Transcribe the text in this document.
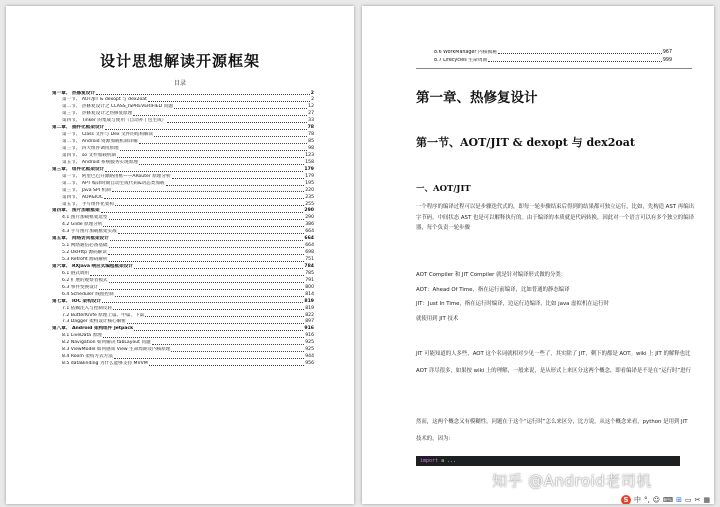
设计思想解读开源框架
目录
第一章、 热修复设计	2
第一节、 AOT/JIT & dexopt 与 dex2oat	2
第二节、 热修复设计之 CLASS_ISPREVERIFIED 问题	12
第三节、 热修复设计之热修复原理	27
第四节、 Tinker 的集成与使用（自动补丁包生成）	33
第二章、 插件化框架设计	78
第一节、 Class 文件与 Dex 文件的结构解读	78
第二节、 Android 资源加载机制详解	85
第三节、 四大组件调用原理	98
第四节、 so 文件加载机制	123
第五节、 Android 系统服务实现原理	158
第三章、 组件化框架设计	179
第一节、 阿里巴巴开源路由框——ARouter 原理分析	179
第二节、 APT 编译时期自动生成代码&动态类加载	195
第三节、 Java SPI 机制	220
第四节、 AOP&IOC	235
第五节、 手写组件化架构	255
第四章、 图片加载框架	290
4.1 图片加载框架选型	290
4.2 Glide 原理分析	386
4.3 手写图片加载框架实战	664
第五章、 网络访问框架设计	664
5.1 网络通信必备基础	664
5.2 OkHttp 源码解读	698
5.3 Retrofit 源码解析	751
第六章、 RXJava 响应式编程框架设计	784
6.1 链式调用	785
6.2 扩展的观察者模式	791
6.3 事件变换设计	800
6.4 Scheduler 线程控制	814
第七章、 IOC 架构设计	819
7.1 依赖注入与控制反转	819
7.2 ButterKnife 原理上篇、中篇、下篇	822
7.3 Dagger 架构设计核心解密	897
第八章、 Android 架构组件 Jetpack	916
8.1 LiveData 原理	916
8.2 Navigation 如何解决 tabLayout 问题	925
8.3 ViewModel 如何感知 View 生命周期及内核原理	925
8.4 Room 架构方式方法	944
8.5 dataBinding 为什么能够支持 MVVM	956
8.6 WorkManager 内核揭秘	967
8.7 Lifecycles 生命周期	999
第一章、热修复设计
第一节、AOT/JIT & dexopt 与 dex2oat
一、AOT/JIT
一个程序的编译过程可以是步骤迭代式的，即每一轮步骤结束后得到的结果都可独立运行，比如，先构造 AST 再编出字节码，中间状态 AST 也是可以解释执行的。由于编译的本质就是代码转换，因此对一个语言可以有多个独立的编译器，每个负责一轮步骤

AOT Compiler 和 JIT Compiler 就是针对编译形式做的分类：

AOT：Ahead Of Time，指在运行前编译，比如普通的静态编译

JIT：Just In Time，指在运行时编译，边运行边编译，比如 java 虚拟机在运行时

就使用到 JIT 技术

JIT 可能知道的人多些，AOT 这个名词就相对少见一些了，其实除了 JIT，剩下的都是 AOT。wiki 上 JIT 的解释也比 AOT 详尽很多，如果按 wiki 上的理解，一般来说，是从形式上来区分这两个概念，即看编译是不是在“运行时”进行
然而，这两个概念又有模糊性，问题在于这个“运行时”怎么来区分，比方说，从这个概念来看，python 是用到 JIT 技术的，因为：
import a ...
知乎 @Android老司机
S 中 °, ☺ ⌨ ⊞ ▭ ✂ ▦
